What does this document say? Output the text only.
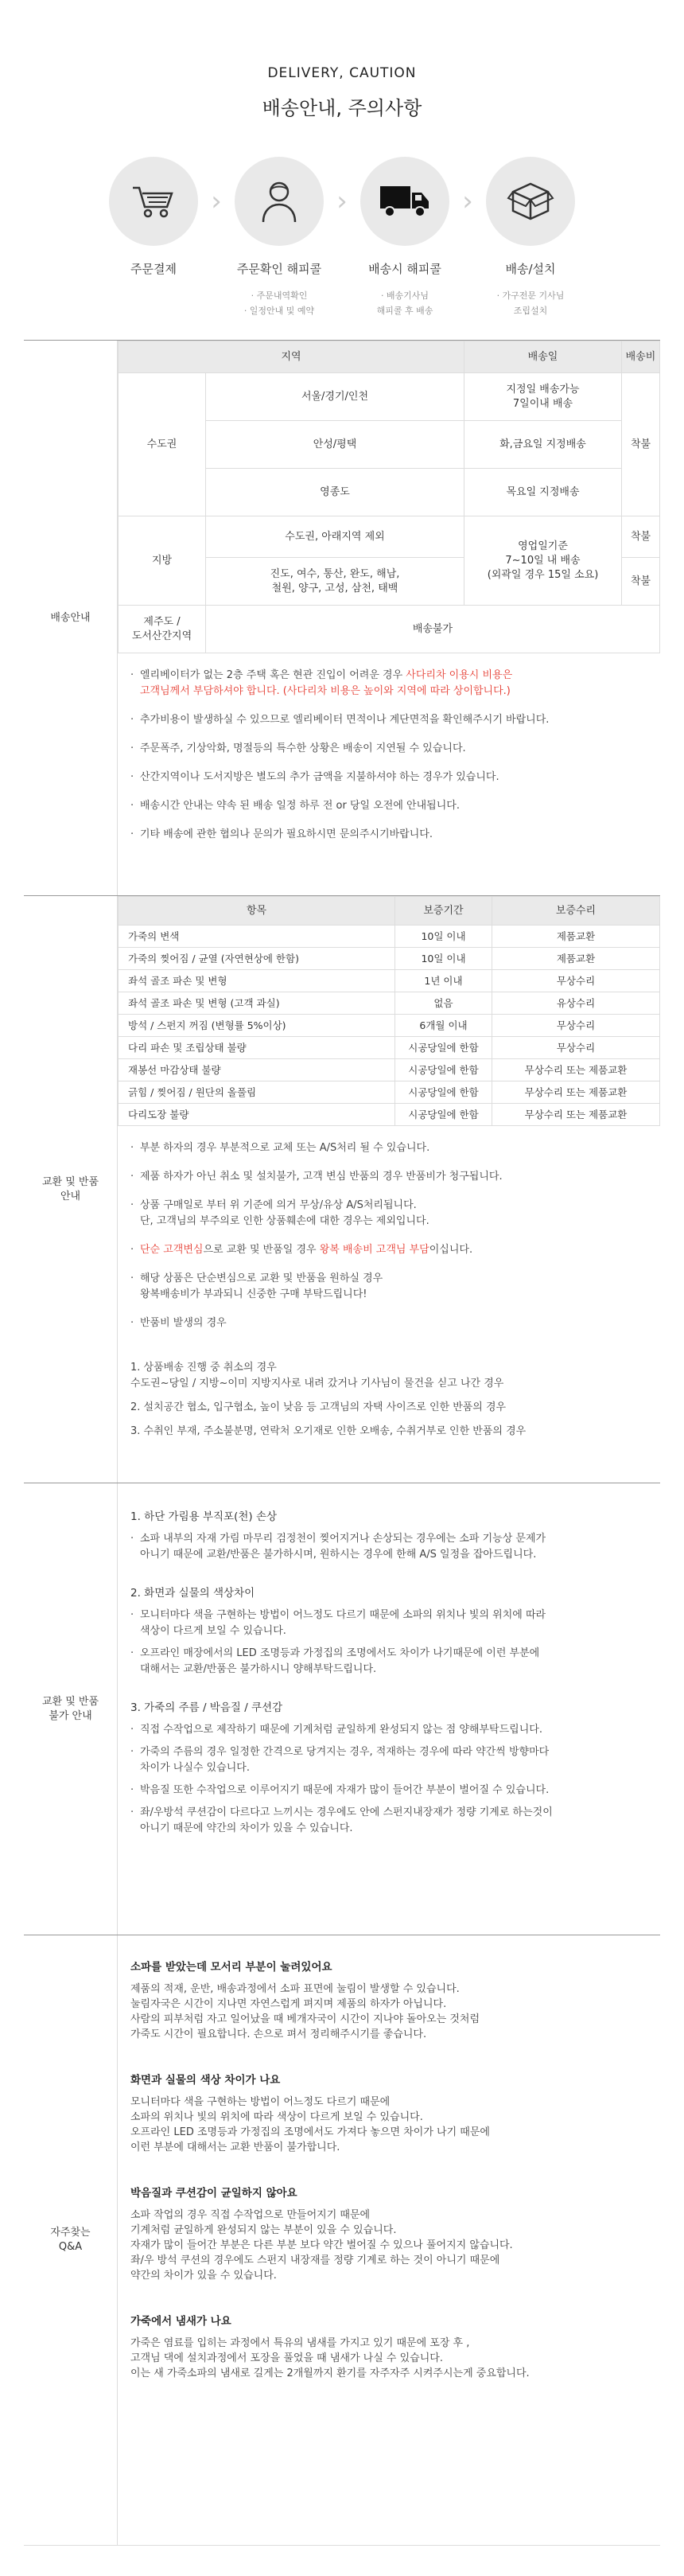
DELIVERY, CAUTION
배송안내, 주의사항
주문결제
›
주문확인 해피콜
· 주문내역확인
· 일정안내 및 예약
›
배송시 해피콜
· 배송기사님
해피콜 후 배송
›
배송/설치
· 가구전문 기사님
조립설치
배송안내
지역		배송일	배송비
수도권	서울/경기/인천	지정일 배송가능
7일이내 배송	착불
	안성/평택	화,금요일 지정배송	
	영종도	목요일 지정배송	
지방	수도권, 아래지역 제외	영업일기준
7~10일 내 배송
(외곽일 경우 15일 소요)	착불
	진도, 여수, 통산, 완도, 해남,
철원, 양구, 고성, 삼천, 태백		착불
제주도 /
도서산간지역	배송불가		
· 엘리베이터가 없는 2층 주택 혹은 현관 진입이 어려운 경우 사다리차 이용시 비용은
고객님께서 부담하셔야 합니다. (사다리차 비용은 높이와 지역에 따라 상이합니다.)
· 추가비용이 발생하실 수 있으므로 엘리베이터 면적이나 계단면적을 확인해주시기 바랍니다.
· 주문폭주, 기상악화, 명절등의 특수한 상황은 배송이 지연될 수 있습니다.
· 산간지역이나 도서지방은 별도의 추가 금액을 지불하셔야 하는 경우가 있습니다.
· 배송시간 안내는 약속 된 배송 일정 하루 전 or 당일 오전에 안내됩니다.
· 기타 배송에 관한 협의나 문의가 필요하시면 문의주시기바랍니다.
교환 및 반품
안내
항목	보증기간	보증수리
가죽의 변색	10일 이내	제품교환
가죽의 찢어짐 / 균열 (자연현상에 한함)	10일 이내	제품교환
좌석 골조 파손 및 변형	1년 이내	무상수리
좌석 골조 파손 및 변형 (고객 과실)	없음	유상수리
방석 / 스펀지 꺼짐 (변형률 5%이상)	6개월 이내	무상수리
다리 파손 및 조립상태 불량	시공당일에 한함	무상수리
재봉선 마감상태 불량	시공당일에 한함	무상수리 또는 제품교환
긁힘 / 찢어짐 / 원단의 올풀림	시공당일에 한함	무상수리 또는 제품교환
다리도장 불량	시공당일에 한함	무상수리 또는 제품교환
· 부분 하자의 경우 부분적으로 교체 또는 A/S처리 될 수 있습니다.
· 제품 하자가 아닌 취소 및 설치불가, 고객 변심 반품의 경우 반품비가 청구됩니다.
· 상품 구매일로 부터 위 기준에 의거 무상/유상 A/S처리됩니다.
단, 고객님의 부주의로 인한 상품훼손에 대한 경우는 제외입니다.
· 단순 고객변심으로 교환 및 반품일 경우 왕복 배송비 고객님 부담이십니다.
· 해당 상품은 단순변심으로 교환 및 반품을 원하실 경우
왕복배송비가 부과되니 신중한 구매 부탁드립니다!
· 반품비 발생의 경우
1. 상품배송 진행 중 취소의 경우
수도권~당일 / 지방~이미 지방지사로 내려 갔거나 기사님이 물건을 싣고 나간 경우
2. 설치공간 협소, 입구협소, 높이 낮음 등 고객님의 자택 사이즈로 인한 반품의 경우
3. 수취인 부재, 주소불분명, 연락처 오기재로 인한 오배송, 수취거부로 인한 반품의 경우
교환 및 반품
불가 안내
1. 하단 가림용 부직포(천) 손상
· 소파 내부의 자재 가림 마무리 검정천이 찢어지거나 손상되는 경우에는 소파 기능상 문제가
아니기 때문에 교환/반품은 불가하시며, 원하시는 경우에 한해 A/S 일정을 잡아드립니다.
2. 화면과 실물의 색상차이
· 모니터마다 색을 구현하는 방법이 어느정도 다르기 때문에 소파의 위치나 빛의 위치에 따라
색상이 다르게 보일 수 있습니다.
· 오프라인 매장에서의 LED 조명등과 가정집의 조명에서도 차이가 나기때문에 이런 부분에
대해서는 교환/반품은 불가하시니 양해부탁드립니다.
3. 가죽의 주름 / 박음질 / 쿠션감
· 직접 수작업으로 제작하기 때문에 기계처럼 균일하게 완성되지 않는 점 양해부탁드립니다.
· 가죽의 주름의 경우 일정한 간격으로 당겨지는 경우, 적재하는 경우에 따라 약간씩 방향마다
차이가 나실수 있습니다.
· 박음질 또한 수작업으로 이루어지기 때문에 자재가 많이 들어간 부분이 벌어질 수 있습니다.
· 좌/우방석 쿠션감이 다르다고 느끼시는 경우에도 안에 스펀지내장재가 정량 기계로 하는것이
아니기 때문에 약간의 차이가 있을 수 있습니다.
자주찾는
Q&A
소파를 받았는데 모서리 부분이 눌려있어요
제품의 적재, 운반, 배송과정에서 소파 표면에 눌림이 발생할 수 있습니다.
눌림자국은 시간이 지나면 자연스럽게 펴지며 제품의 하자가 아닙니다.
사람의 피부처럼 자고 일어났을 때 베개자국이 시간이 지나야 돌아오는 것처럼
가죽도 시간이 필요합니다. 손으로 펴서 정리해주시기를 좋습니다.
화면과 실물의 색상 차이가 나요
모니터마다 색을 구현하는 방법이 어느정도 다르기 때문에
소파의 위치나 빛의 위치에 따라 색상이 다르게 보일 수 있습니다.
오프라인 LED 조명등과 가정집의 조명에서도 가져다 놓으면 차이가 나기 때문에
이런 부분에 대해서는 교환 반품이 불가합니다.
박음질과 쿠션감이 균일하지 않아요
소파 작업의 경우 직접 수작업으로 만들어지기 때문에
기계처럼 균일하게 완성되지 않는 부분이 있을 수 있습니다.
자재가 많이 들어간 부분은 다른 부분 보다 약간 벌어질 수 있으나 풀어지지 않습니다.
좌/우 방석 쿠션의 경우에도 스펀지 내장재를 정량 기계로 하는 것이 아니기 때문에
약간의 차이가 있을 수 있습니다.
가죽에서 냄새가 나요
가죽은 염료를 입히는 과정에서 특유의 냄새를 가지고 있기 때문에 포장 후 ,
고객님 댁에 설치과정에서 포장을 풀었을 때 냄새가 나실 수 있습니다.
이는 새 가죽소파의 냄새로 길게는 2개월까지 환기를 자주자주 시켜주시는게 중요합니다.
